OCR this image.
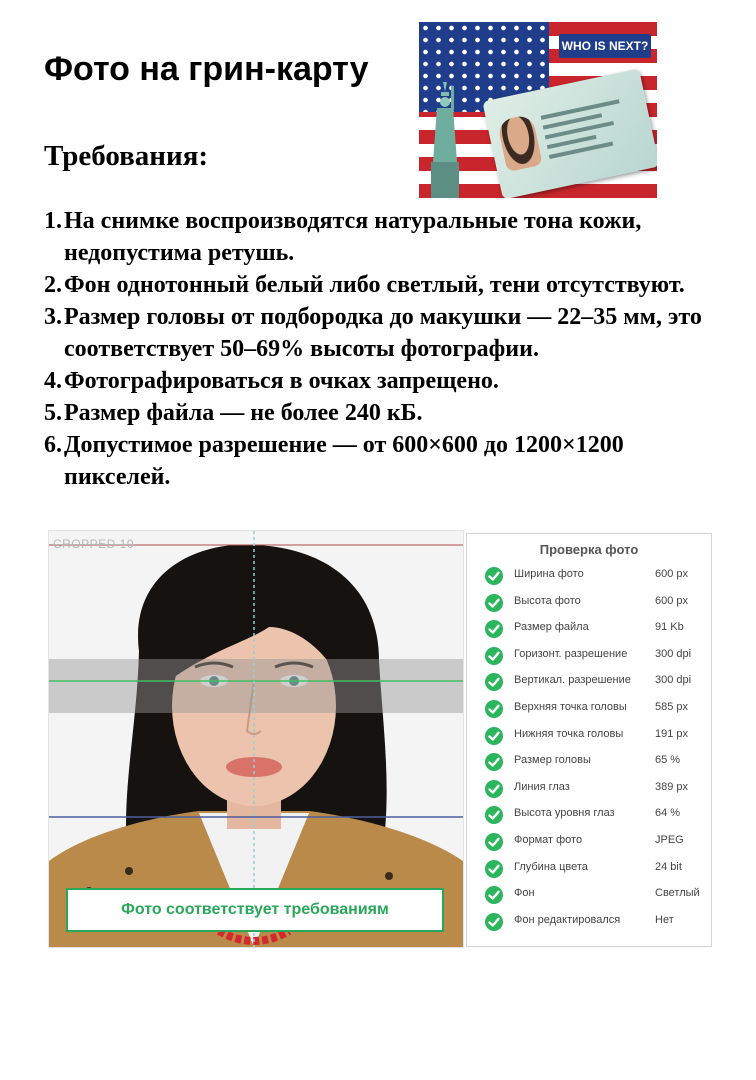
Фото на грин-карту
Требования:
WHO IS NEXT?
1. На снимке воспроизводятся натуральные тона кожи, недопустима ретушь.
2. Фон однотонный белый либо светлый, тени отсутствуют.
3. Размер головы от подбородка до макушки — 22–35 мм, это соответствует 50–69% высоты фотографии.
4. Фотографироваться в очках запрещено.
5. Размер файла — не более 240 кБ.
6. Допустимое разрешение — от 600×600 до 1200×1200 пикселей.
CROPPED 10
Фото соответствует требованиям
Проверка фото
Ширина фото	600 px
Высота фото	600 px
Размер файла	91 Kb
Горизонт. разрешение	300 dpi
Вертикал. разрешение 300 dpi
Верхняя точка головы	585 px
Нижняя точка головы	191 px
Размер головы	65 %
Линия глаз	389 px
Высота уровня глаз	64 %
Формат фото	JPEG
Глубина цвета	24 bit
Фон	Светлый
Фон редактировался	Нет
